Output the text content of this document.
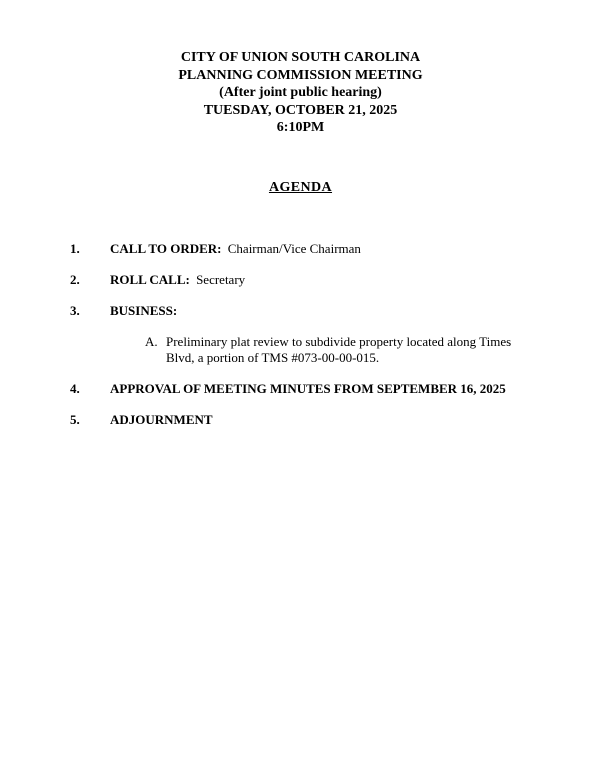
CITY OF UNION SOUTH CAROLINA
PLANNING COMMISSION MEETING
(After joint public hearing)
TUESDAY, OCTOBER 21, 2025
6:10PM
AGENDA
1.	CALL TO ORDER: Chairman/Vice Chairman
2.	ROLL CALL: Secretary
3.	BUSINESS:
A. Preliminary plat review to subdivide property located along Times Blvd, a portion of TMS #073-00-00-015.
4.	APPROVAL OF MEETING MINUTES FROM SEPTEMBER 16, 2025
5.	ADJOURNMENT
